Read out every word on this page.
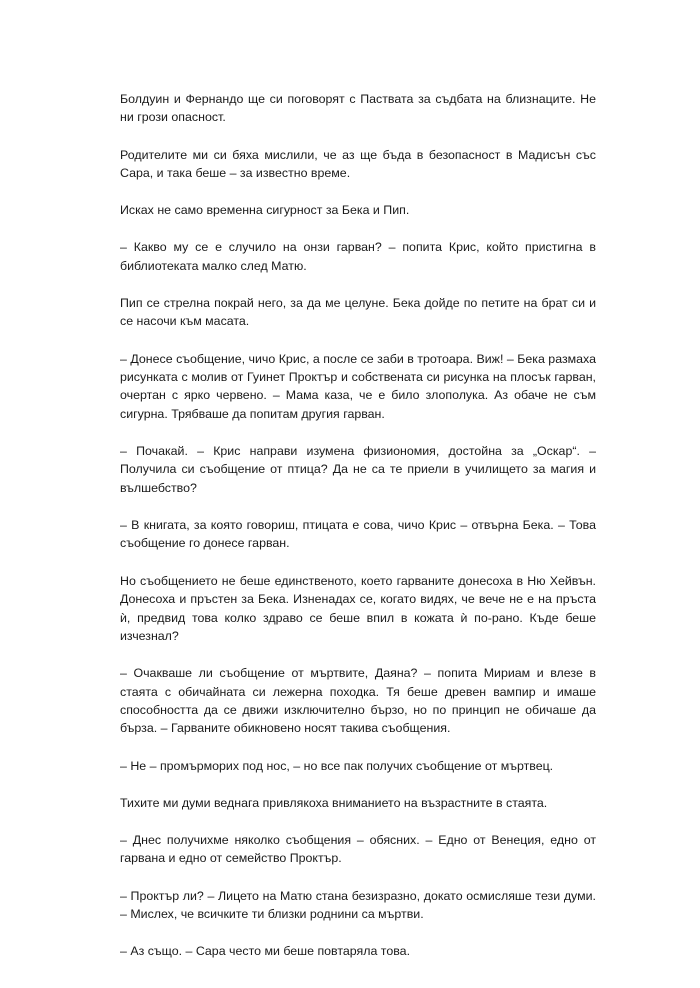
Болдуин и Фернандо ще си поговорят с Паствата за съдбата на близнаците. Не ни грози опасност.

Родителите ми си бяха мислили, че аз ще бъда в безопасност в Мадисън със Сара, и така беше – за известно време.

Исках не само временна сигурност за Бека и Пип.

– Какво му се е случило на онзи гарван? – попита Крис, който пристигна в библиотеката малко след Матю.

Пип се стрелна покрай него, за да ме целуне. Бека дойде по петите на брат си и се насочи към масата.

– Донесе съобщение, чичо Крис, а после се заби в тротоара. Виж! – Бека размаха рисунката с молив от Гуинет Проктър и собствената си рисунка на плосък гарван, очертан с ярко червено. – Мама каза, че е било злополука. Аз обаче не съм сигурна. Трябваше да попитам другия гарван.

– Почакай. – Крис направи изумена физиономия, достойна за „Оскар“. – Получила си съобщение от птица? Да не са те приели в училището за магия и вълшебство?

– В книгата, за която говориш, птицата е сова, чичо Крис – отвърна Бека. – Това съобщение го донесе гарван.

Но съобщението не беше единственото, което гарваните донесоха в Ню Хейвън. Донесоха и пръстен за Бека. Изненадах се, когато видях, че вече не е на пръста ѝ, предвид това колко здраво се беше впил в кожата ѝ по-рано. Къде беше изчезнал?

– Очакваше ли съобщение от мъртвите, Даяна? – попита Мириам и влезе в стаята с обичайната си лежерна походка. Тя беше древен вампир и имаше способността да се движи изключително бързо, но по принцип не обичаше да бърза. – Гарваните обикновено носят такива съобщения.

– Не – промърморих под нос, – но все пак получих съобщение от мъртвец.

Тихите ми думи веднага привлякоха вниманието на възрастните в стаята.

– Днес получихме няколко съобщения – обясних. – Едно от Венеция, едно от гарвана и едно от семейство Проктър.

– Проктър ли? – Лицето на Матю стана безизразно, докато осмисляше тези думи. – Мислех, че всичките ти близки роднини са мъртви.

– Аз също. – Сара често ми беше повтаряла това.
